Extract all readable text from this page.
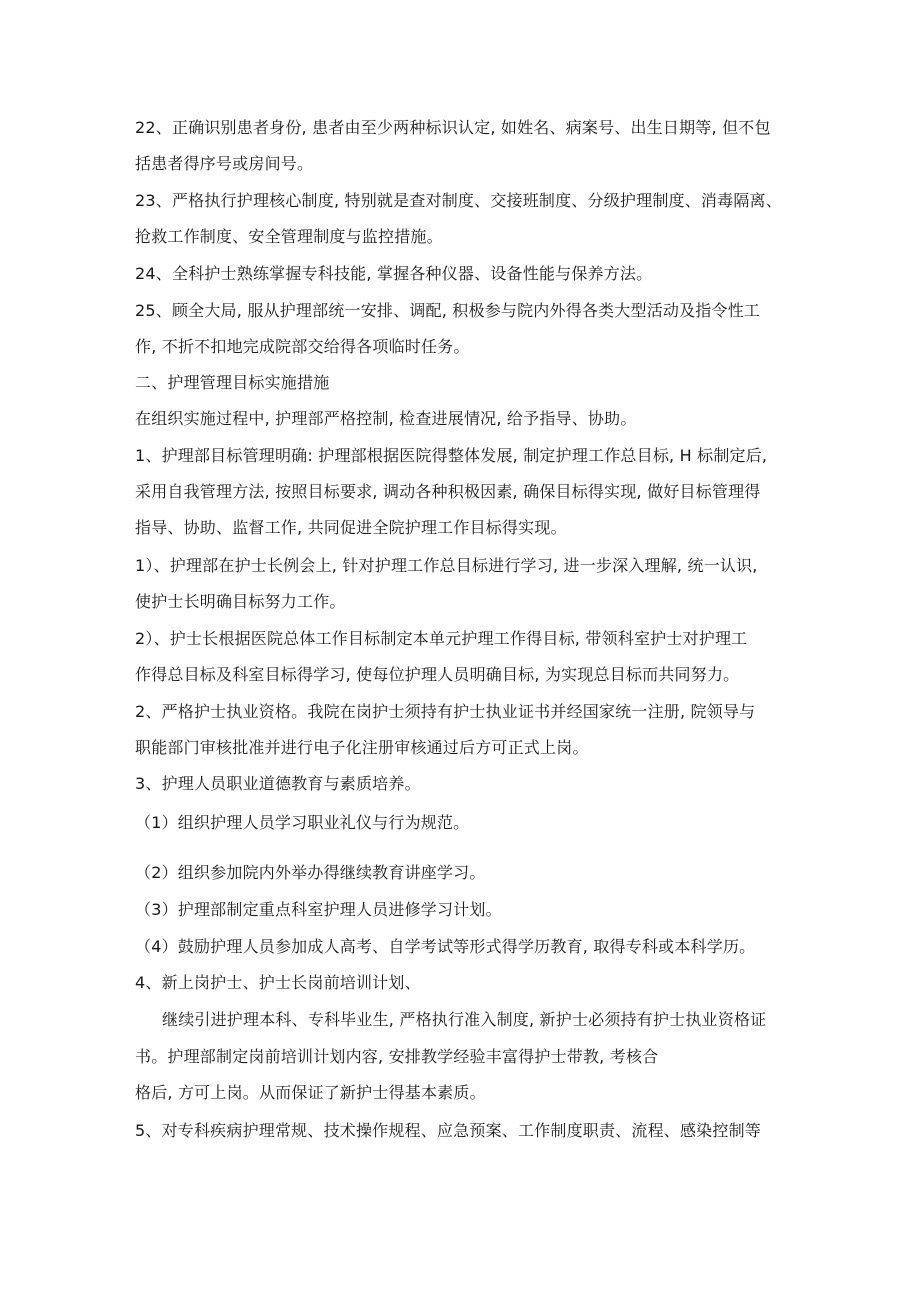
22、正确识别患者身份, 患者由至少两种标识认定, 如姓名、病案号、出生日期等, 但不包
括患者得序号或房间号。
23、严格执行护理核心制度, 特别就是查对制度、交接班制度、分级护理制度、消毒隔离、
抢救工作制度、安全管理制度与监控措施。
24、全科护士熟练掌握专科技能, 掌握各种仪器、设备性能与保养方法。
25、顾全大局, 服从护理部统一安排、调配, 积极参与院内外得各类大型活动及指令性工
作, 不折不扣地完成院部交给得各项临时任务。
二、护理管理目标实施措施
在组织实施过程中, 护理部严格控制, 检查进展情况, 给予指导、协助。
1、护理部目标管理明确: 护理部根据医院得整体发展, 制定护理工作总目标, H 标制定后,
采用自我管理方法, 按照目标要求, 调动各种积极因素, 确保目标得实现, 做好目标管理得
指导、协助、监督工作, 共同促进全院护理工作目标得实现。
1）、护理部在护士长例会上, 针对护理工作总目标进行学习, 进一步深入理解, 统一认识,
使护士长明确目标努力工作。
2）、护士长根据医院总体工作目标制定本单元护理工作得目标, 带领科室护士对护理工
作得总目标及科室目标得学习, 使每位护理人员明确目标, 为实现总目标而共同努力。
2、严格护士执业资格。我院在岗护士须持有护士执业证书并经国家统一注册, 院领导与
职能部门审核批准并进行电子化注册审核通过后方可正式上岗。
3、护理人员职业道德教育与素质培养。
（1）组织护理人员学习职业礼仪与行为规范。
（2）组织参加院内外举办得继续教育讲座学习。
（3）护理部制定重点科室护理人员进修学习计划。
（4）鼓励护理人员参加成人高考、自学考试等形式得学历教育, 取得专科或本科学历。
4、新上岗护士、护士长岗前培训计划、
继续引进护理本科、专科毕业生, 严格执行准入制度, 新护士必须持有护士执业资格证
书。护理部制定岗前培训计划内容, 安排教学经验丰富得护士带教, 考核合
格后, 方可上岗。从而保证了新护士得基本素质。
5、对专科疾病护理常规、技术操作规程、应急预案、工作制度职责、流程、感染控制等
